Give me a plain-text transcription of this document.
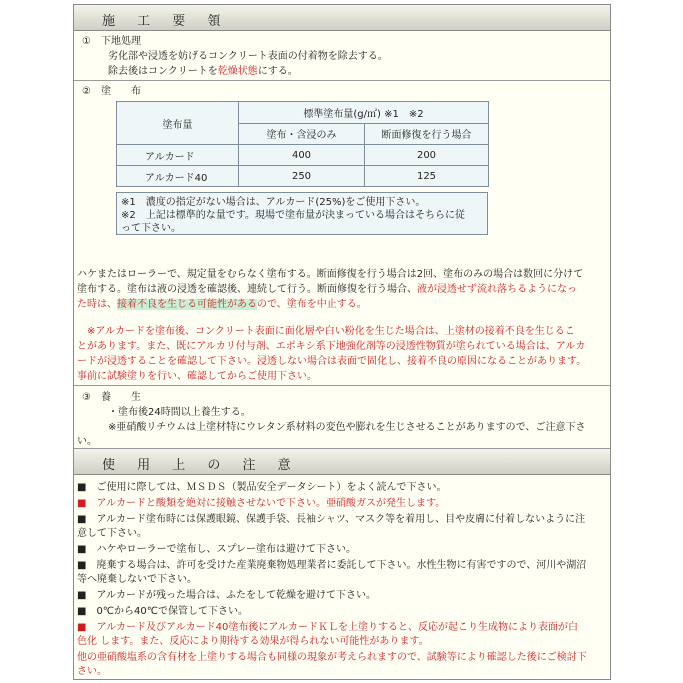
施 工 要 領
①　下地処理
劣化部や浸透を妨げるコンクリート表面の付着物を除去する。
除去後はコンクリートを乾燥状態にする。
②　塗　　布
塗布量	標準塗布量(g/㎡) ※1　※2	
	塗布・含浸のみ	断面修復を行う場合
アルカード	400	200
アルカード40	250	125
※1　濃度の指定がない場合は、アルカード(25%)をご使用下さい。
※2　上記は標準的な量です。現場で塗布量が決まっている場合はそちらに従
って下さい。
ハケまたはローラーで、規定量をむらなく塗布する。断面修復を行う場合は2回、塗布のみの場合は数回に分けて
塗布する。塗布は液の浸透を確認後、連続して行う。断面修復を行う場合、液が浸透せず流れ落ちるようになっ
た時は、接着不良を生じる可能性があるので、塗布を中止する。
　※アルカードを塗布後、コンクリート表面に面化層や白い粉化を生じた場合は、上塗材の接着不良を生じるこ
とがあります。また、既にアルカリ付与剤、エポキシ系下地強化剤等の浸透性物質が塗られている場合は、アルカ
ードが浸透することを確認して下さい。浸透しない場合は表面で固化し、接着不良の原因になることがあります。
事前に試験塗りを行い、確認してからご使用下さい。
③　養　　生
・塗布後24時間以上養生する。
※亜硝酸リチウムは上塗材特にウレタン系材料の変色や膨れを生じさせることがありますので、ご注意下さ
い。
使 用 上 の 注 意
■　ご使用に際しては、ＭＳＤＳ（製品安全データシート）をよく読んで下さい。
■　アルカードと酸類を絶対に接触させないで下さい。亜硝酸ガスが発生します。
■　アルカード塗布時には保護眼鏡、保護手袋、長袖シャツ、マスク等を着用し、目や皮膚に付着しないように注
意して下さい。
■　ハケやローラーで塗布し、スプレー塗布は避けて下さい。
■　廃棄する場合は、許可を受けた産業廃棄物処理業者に委託して下さい。水性生物に有害ですので、河川や湖沼
等へ廃棄しないで下さい。
■　アルカードが残った場合は、ふたをして乾燥を避けて下さい。
■　0℃から40℃で保管して下さい。
■　アルカード及びアルカード40塗布後にアルカードＫＬを上塗りすると、反応が起こり生成物により表面が白
色化 します。また、反応により期待する効果が得られない可能性があります。
他の亜硝酸塩系の含有材を上塗りする場合も同様の現象が考えられますので、試験等により確認した後にご検討下
さい。
